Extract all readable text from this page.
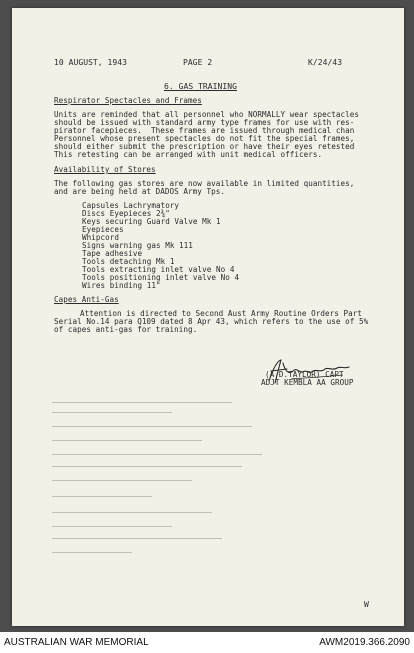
10 AUGUST, 1943	PAGE 2	K/24/43
6. GAS TRAINING
Respirator Spectacles and Frames
Units are reminded that all personnel who NORMALLY wear spectacles
should be issued with standard army type frames for use with res-
pirator facepieces.  These frames are issued through medical chan
Personnel whose present spectacles do not fit the special frames,
should either submit the prescription or have their eyes retested
This retesting can be arranged with unit medical officers.
Availability of Stores
The following gas stores are now available in limited quantities,
and are being held at DADOS Army Tps.
Capsules Lachrymatory
Discs Eyepieces 2¾"
Keys securing Guard Valve Mk 1
Eyepieces
Whipcord
Signs warning gas Mk 111
Tape adhesive
Tools detaching Mk 1
Tools extracting inlet valve No 4
Tools positioning inlet valve No 4
Wires binding 11"
Capes Anti-Gas
Attention is directed to Second Aust Army Routine Orders Part
Serial No.14 para Q109 dated 8 Apr 43, which refers to the use of 5%
of capes anti-gas for training.
(A.D.TAYLOR) CAPT
ADJT KEMBLA AA GROUP
W
AUSTRALIAN WAR MEMORIAL	AWM2019.366.2090
